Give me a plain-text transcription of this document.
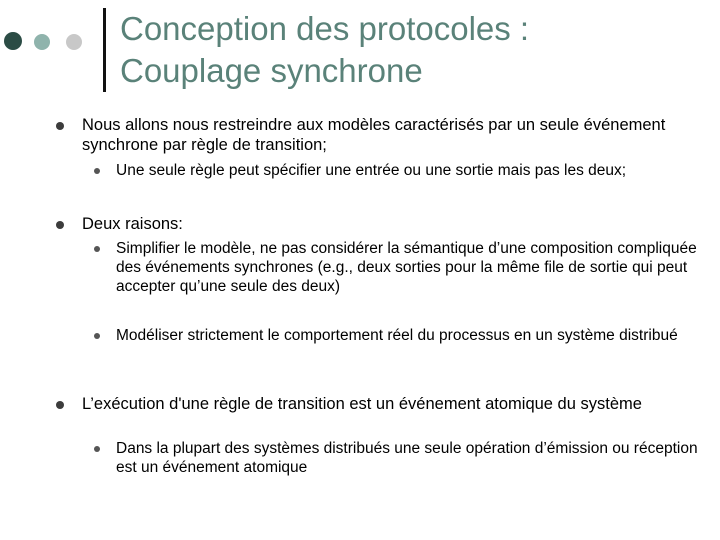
Conception des protocoles :
Couplage synchrone
Nous allons nous restreindre aux modèles caractérisés par un seule événement synchrone par règle de transition;
Une seule règle peut spécifier une entrée ou une sortie mais pas les deux;
Deux raisons:
Simplifier le modèle, ne pas considérer la sémantique d’une composition compliquée des événements synchrones (e.g., deux sorties pour la même file de sortie qui peut accepter qu’une seule des deux)
Modéliser strictement le comportement réel du processus en un système distribué
L’exécution d'une règle de transition est un événement atomique du système
Dans la plupart des systèmes distribués une seule opération d’émission ou réception est un événement atomique
